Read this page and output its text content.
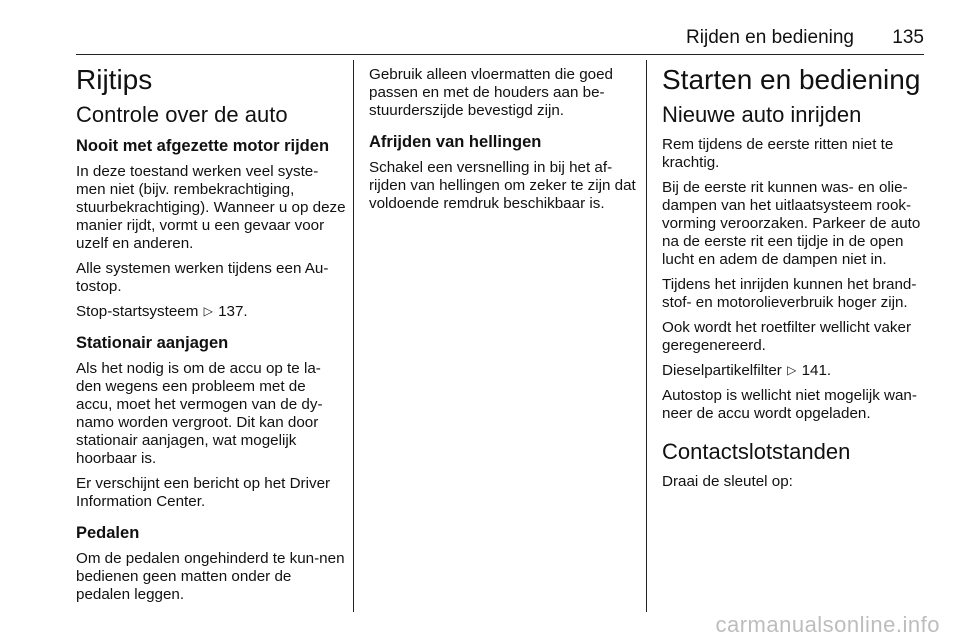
Rijden en bediening 135
Rijtips
Controle over de auto
Nooit met afgezette motor rijden

In deze toestand werken veel syste-men niet (bijv. rembekrachtiging, stuurbekrachtiging). Wanneer u op deze manier rijdt, vormt u een gevaar voor uzelf en anderen.

Alle systemen werken tijdens een Au-tostop.

Stop-startsysteem ▷ 137.

Stationair aanjagen

Als het nodig is om de accu op te la-den wegens een probleem met de accu, moet het vermogen van de dy-namo worden vergroot. Dit kan door stationair aanjagen, wat mogelijk hoorbaar is.

Er verschijnt een bericht op het Driver Information Center.

Pedalen

Om de pedalen ongehinderd te kun-nen bedienen geen matten onder de pedalen leggen.

Gebruik alleen vloermatten die goed passen en met de houders aan be-stuurderszijde bevestigd zijn.

Afrijden van hellingen

Schakel een versnelling in bij het af-rijden van hellingen om zeker te zijn dat voldoende remdruk beschikbaar is.

Starten en bediening
Nieuwe auto inrijden

Rem tijdens de eerste ritten niet te krachtig.

Bij de eerste rit kunnen was- en olie-dampen van het uitlaatsysteem rook-vorming veroorzaken. Parkeer de auto na de eerste rit een tijdje in de open lucht en adem de dampen niet in.

Tijdens het inrijden kunnen het brand-stof- en motorolieverbruik hoger zijn.

Ook wordt het roetfilter wellicht vaker geregenereerd.

Dieselpartikelfilter ▷ 141.

Autostop is wellicht niet mogelijk wan-neer de accu wordt opgeladen.

Contactslotstanden

Draai de sleutel op:

carmanualsonline.info
